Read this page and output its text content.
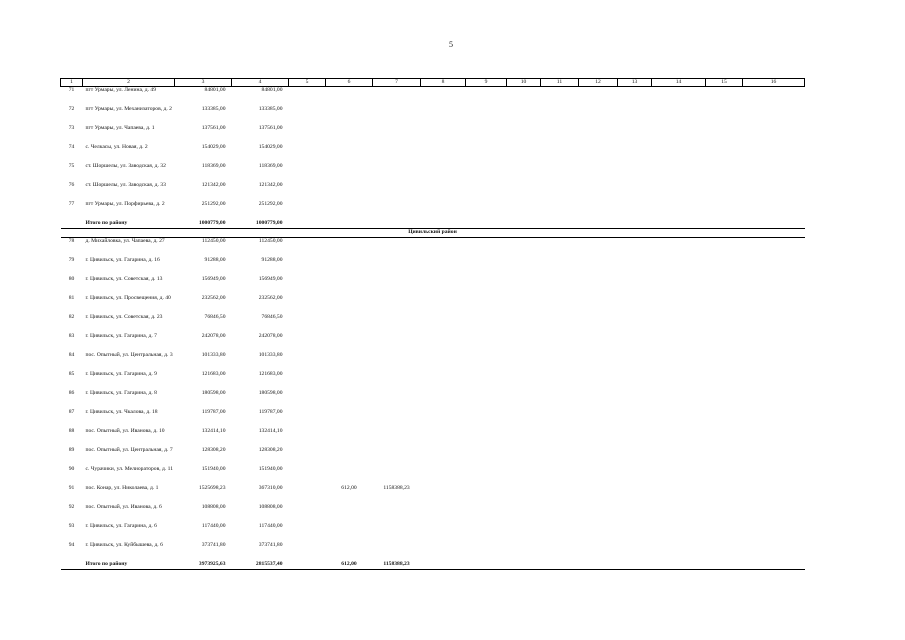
5
1	2	3	4	5	6	7	8	9	10	11	12	13	14	15	16
71	пгт Урмары, ул. Ленина, д. 49	84801,00	84801,00												
72	пгт Урмары, ул. Механизаторов, д. 2	133385,00	133385,00												
73	пгт Урмары, ул. Чапаева, д. 1	137561,00	137561,00												
74	с. Челкасы, ул. Новая, д. 2	154029,00	154029,00												
75	ст. Шоршелы, ул. Заводская, д. 32	118369,00	118369,00												
76	ст. Шоршелы, ул. Заводская, д. 33	121342,00	121342,00												
77	пгт Урмары, ул. Порфирьева, д. 2	251292,00	251292,00												
	Итого по району	1000779,00	1000779,00												
Цивильский район															
78	д. Михайловка, ул. Чапаева, д. 27	112450,00	112450,00												
79	г. Цивильск, ул. Гагарина, д. 16	91288,00	91288,00												
80	г. Цивильск, ул. Советская, д. 13	156949,00	156949,00												
81	г. Цивильск, ул. Просвещения, д. 40	232562,00	232562,00												
82	г. Цивильск, ул. Советская, д. 23	76846,50	76846,50												
83	г. Цивильск, ул. Гагарина, д. 7	242078,00	242078,00												
84	пос. Опытный, ул. Центральная, д. 3	101333,80	101333,80												
85	г. Цивильск, ул. Гагарина, д. 9	121683,00	121683,00												
86	г. Цивильск, ул. Гагарина, д. 8	180598,00	180598,00												
87	г. Цивильск, ул. Чкалова, д. 18	119787,00	119787,00												
88	пос. Опытный, ул. Иванова, д. 10	132414,10	132414,10												
89	пос. Опытный, ул. Центральная, д. 7	128308,20	128308,20												
90	с. Чурачики, ул. Мелиораторов, д. 11	151940,00	151940,00												
91	пос. Конар, ул. Николаева, д. 1	1525698,23	367310,00		612,00	1158388,23									
92	пос. Опытный, ул. Иванова, д. 6	108808,00	108808,00												
93	г. Цивильск, ул. Гагарина, д. 6	117440,00	117440,00												
94	г. Цивильск, ул. Куйбышева, д. 6	373741,80	373741,80												
	Итого по району	3973925,63	2815537,40		612,00	1158388,23									
